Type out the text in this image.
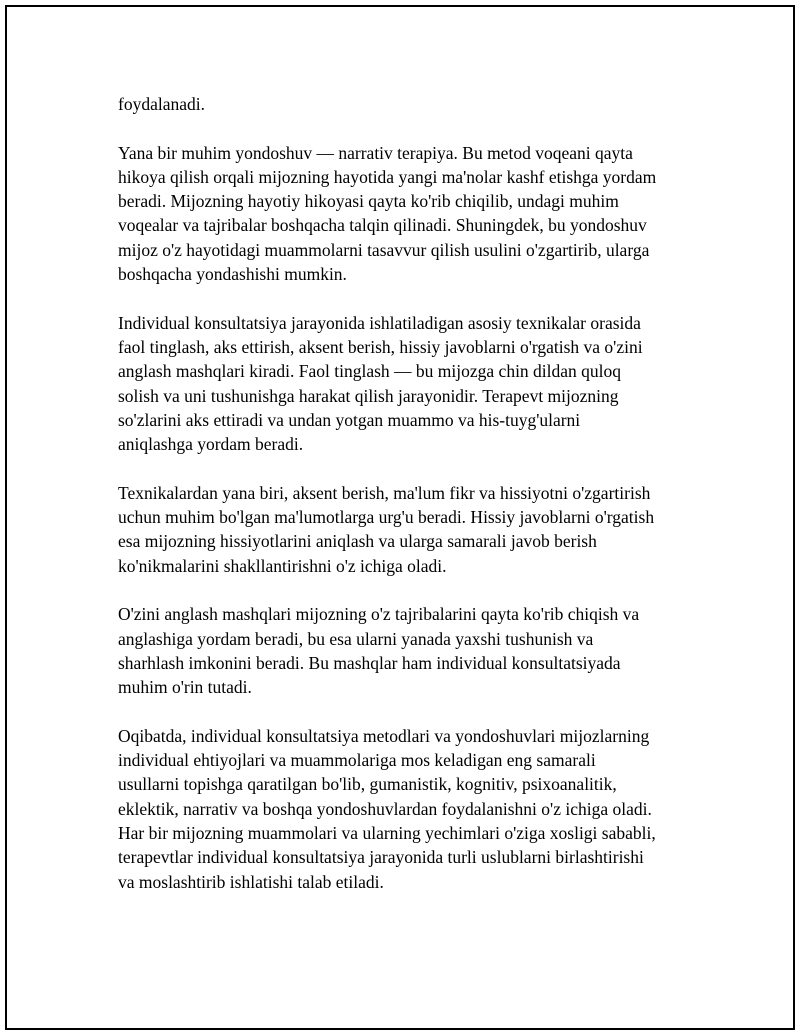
foydalanadi.

Yana bir muhim yondoshuv — narrativ terapiya. Bu metod voqeani qayta
hikoya qilish orqali mijozning hayotida yangi ma'nolar kashf etishga yordam
beradi. Mijozning hayotiy hikoyasi qayta ko'rib chiqilib, undagi muhim
voqealar va tajribalar boshqacha talqin qilinadi. Shuningdek, bu yondoshuv
mijoz o'z hayotidagi muammolarni tasavvur qilish usulini o'zgartirib, ularga
boshqacha yondashishi mumkin.

Individual konsultatsiya jarayonida ishlatiladigan asosiy texnikalar orasida
faol tinglash, aks ettirish, aksent berish, hissiy javoblarni o'rgatish va o'zini
anglash mashqlari kiradi. Faol tinglash — bu mijozga chin dildan quloq
solish va uni tushunishga harakat qilish jarayonidir. Terapevt mijozning
so'zlarini aks ettiradi va undan yotgan muammo va his-tuyg'ularni
aniqlashga yordam beradi.

Texnikalardan yana biri, aksent berish, ma'lum fikr va hissiyotni o'zgartirish
uchun muhim bo'lgan ma'lumotlarga urg'u beradi. Hissiy javoblarni o'rgatish
esa mijozning hissiyotlarini aniqlash va ularga samarali javob berish
ko'nikmalarini shakllantirishni o'z ichiga oladi.

O'zini anglash mashqlari mijozning o'z tajribalarini qayta ko'rib chiqish va
anglashiga yordam beradi, bu esa ularni yanada yaxshi tushunish va
sharhlash imkonini beradi. Bu mashqlar ham individual konsultatsiyada
muhim o'rin tutadi.

Oqibatda, individual konsultatsiya metodlari va yondoshuvlari mijozlarning
individual ehtiyojlari va muammolariga mos keladigan eng samarali
usullarni topishga qaratilgan bo'lib, gumanistik, kognitiv, psixoanalitik,
eklektik, narrativ va boshqa yondoshuvlardan foydalanishni o'z ichiga oladi.
Har bir mijozning muammolari va ularning yechimlari o'ziga xosligi sababli,
terapevtlar individual konsultatsiya jarayonida turli uslublarni birlashtirishi
va moslashtirib ishlatishi talab etiladi.
